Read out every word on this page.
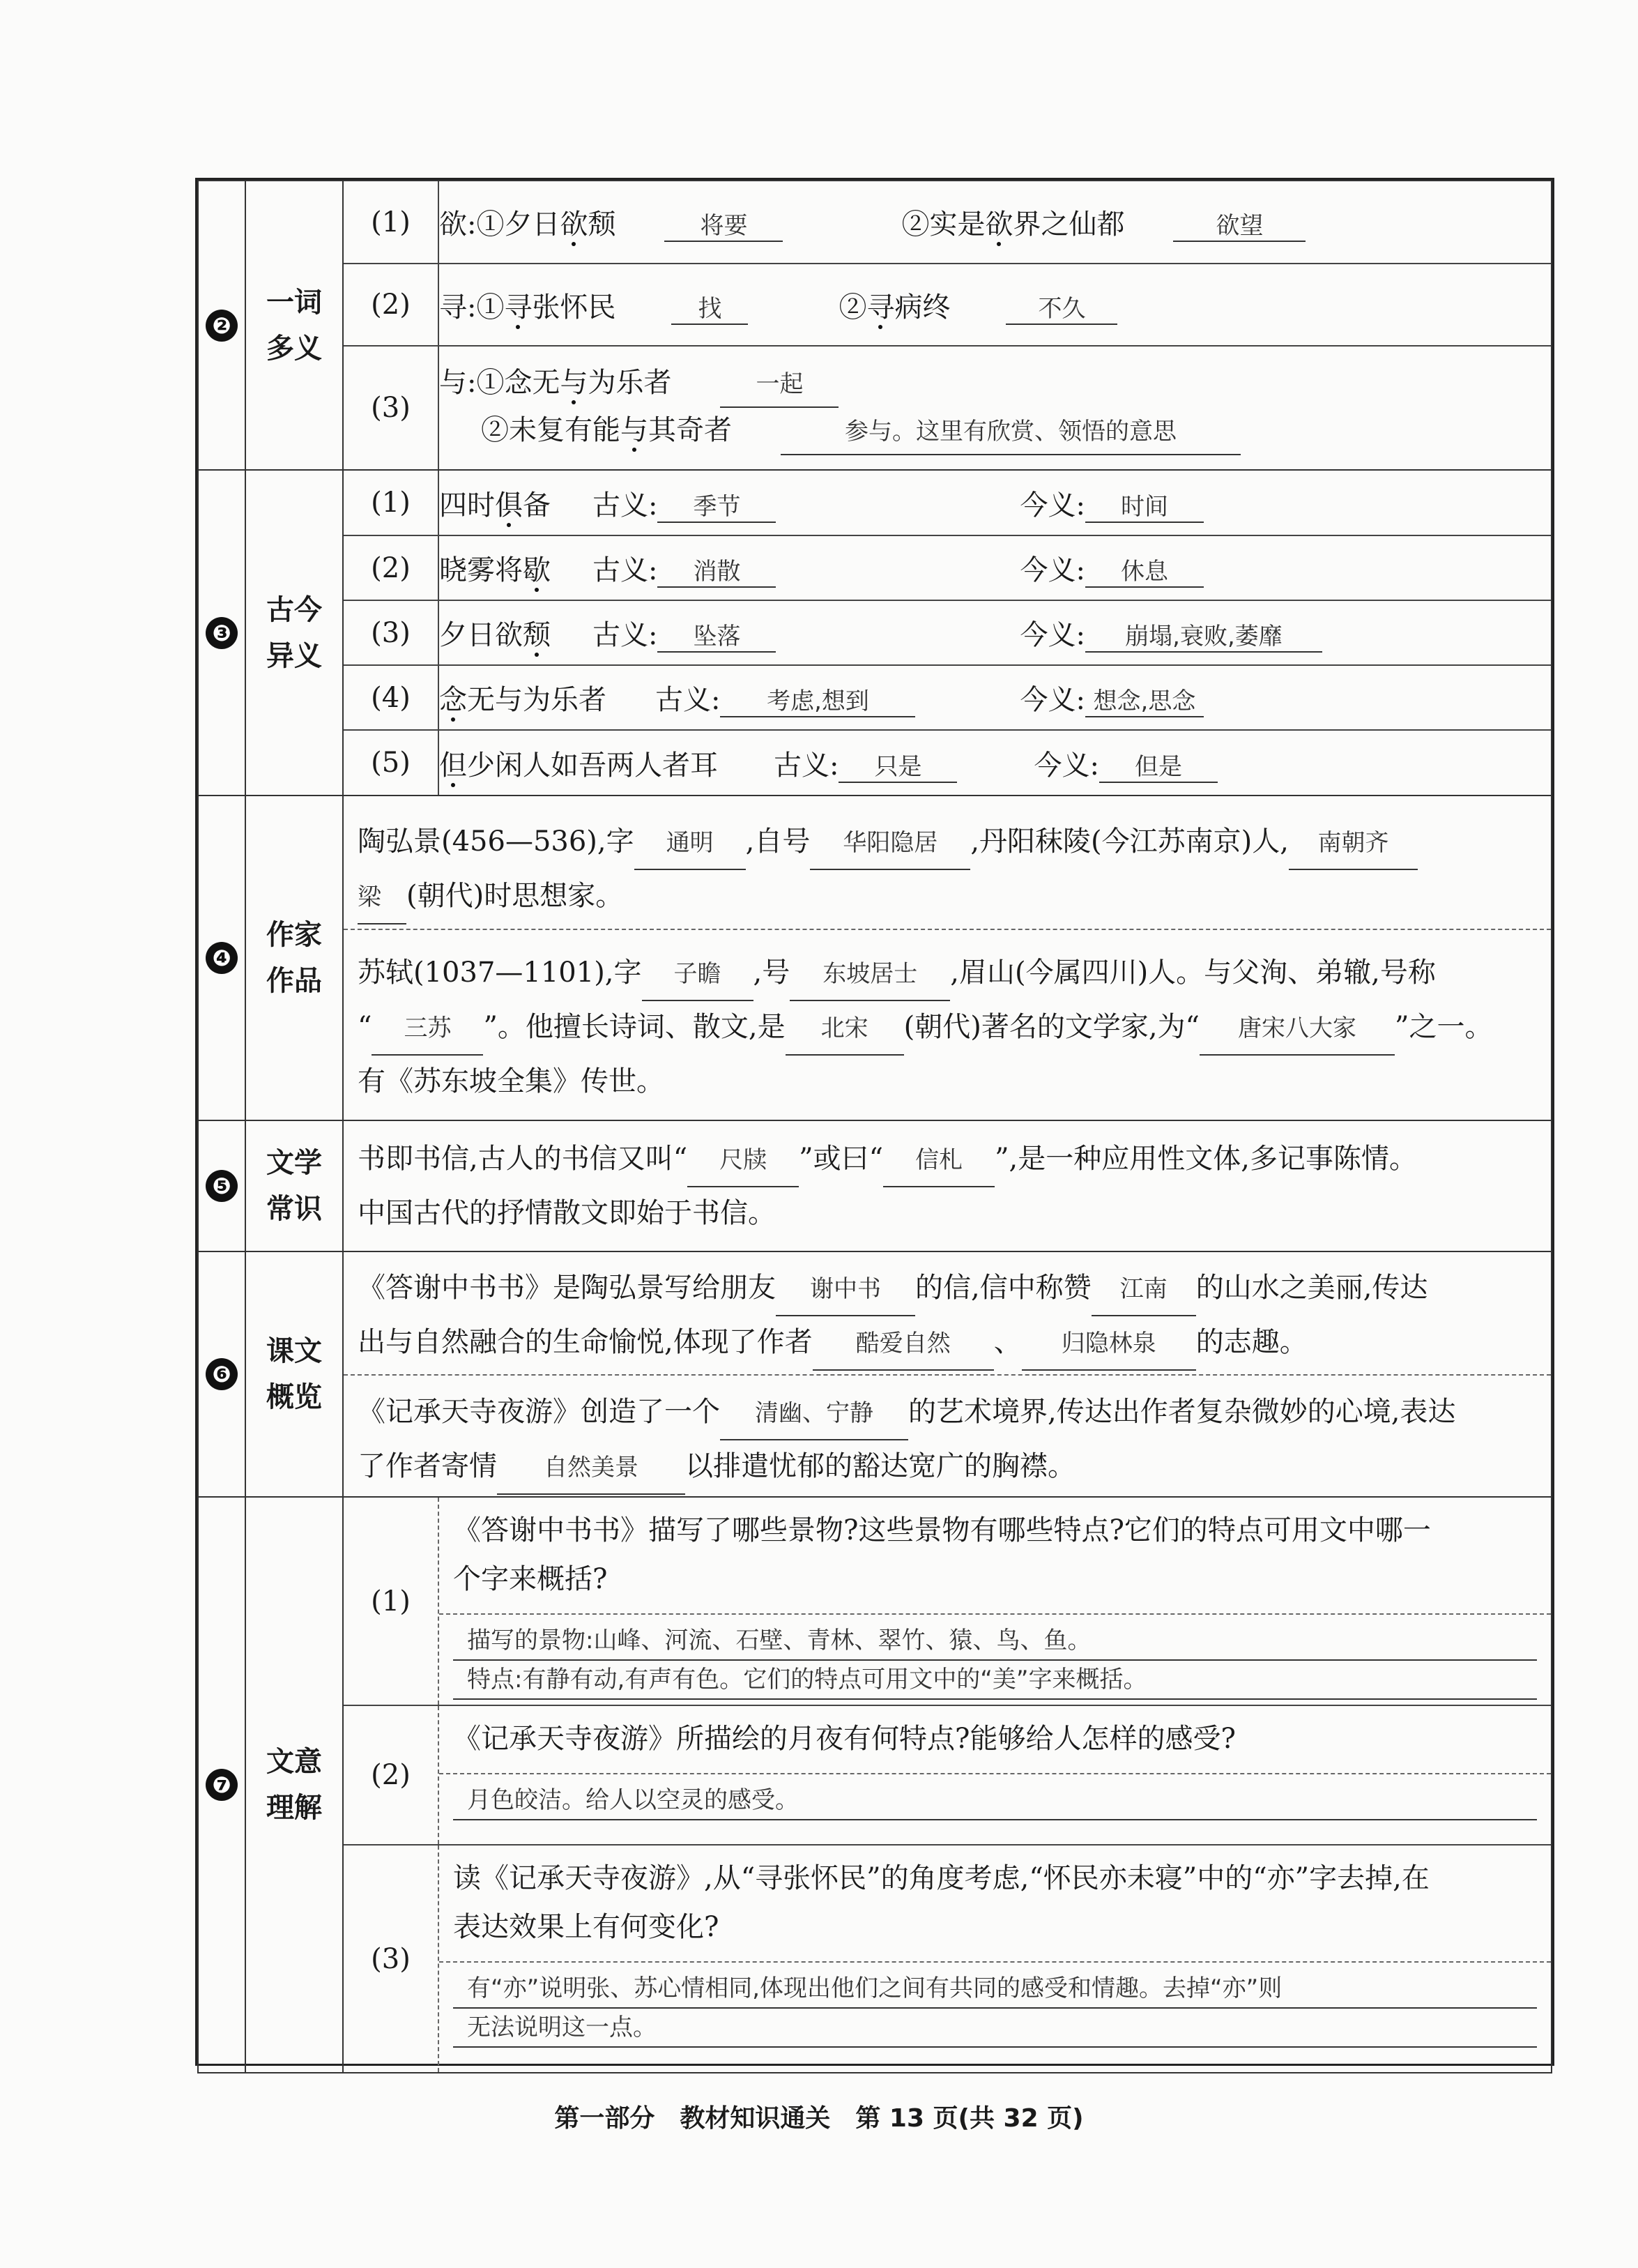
❷	
一词
多义

(1)	欲:①夕日欲颓	将要	②实是欲界之仙都	欲望
(2)	寻:①寻张怀民	找	②寻病终	不久
(3)	
与:①念无与为乐者	一起
②未复有能与其奇者	参与。这里有欣赏、领悟的意思

❸	
古今
异义

(1)	四时俱备 古义: 季节	今义: 时间
(2)	晓雾将歇 古义: 消散	今义: 休息
(3)	夕日欲颓 古义: 坠落	今义: 崩塌,衰败,萎靡
(4)	念无与为乐者 古义: 考虑,想到	今义: 想念,思念
(5)	但少闲人如吾两人者耳 古义: 只是	今义: 但是

❹	
作家
作品

陶弘景(456—536),字 通明 ,自号 华阳隐居 ,丹阳秣陵(今江苏南京)人, 南朝齐
梁 (朝代)时思想家。
苏轼(1037—1101),字 子瞻 ,号 东坡居士 ,眉山(今属四川)人。与父洵、弟辙,号称
“ 三苏 ”。他擅长诗词、散文,是 北宋 (朝代)著名的文学家,为“ 唐宋八大家 ”之一。
有《苏东坡全集》传世。

❺	
文学
常识

书即书信,古人的书信又叫“ 尺牍 ”或曰“ 信札 ”,是一种应用性文体,多记事陈情。
中国古代的抒情散文即始于书信。

❻	
课文
概览

《答谢中书书》是陶弘景写给朋友 谢中书 的信,信中称赞 江南 的山水之美丽,传达
出与自然融合的生命愉悦,体现了作者 酷爱自然 、 归隐林泉 的志趣。
《记承天寺夜游》创造了一个 清幽、宁静 的艺术境界,传达出作者复杂微妙的心境,表达
了作者寄情 自然美景 以排遣忧郁的豁达宽广的胸襟。

❼	
文意
理解

(1)	
《答谢中书书》描写了哪些景物?这些景物有哪些特点?它们的特点可用文中哪一
个字来概括?
描写的景物:山峰、河流、石壁、青林、翠竹、猿、鸟、鱼。
特点:有静有动,有声有色。它们的特点可用文中的“美”字来概括。

(2)	
《记承天寺夜游》所描绘的月夜有何特点?能够给人怎样的感受?
月色皎洁。给人以空灵的感受。

(3)	
读《记承天寺夜游》,从“寻张怀民”的角度考虑,“怀民亦未寝”中的“亦”字去掉,在
表达效果上有何变化?
有“亦”说明张、苏心情相同,体现出他们之间有共同的感受和情趣。去掉“亦”则
无法说明这一点。
第一部分　教材知识通关　第 13 页(共 32 页)
